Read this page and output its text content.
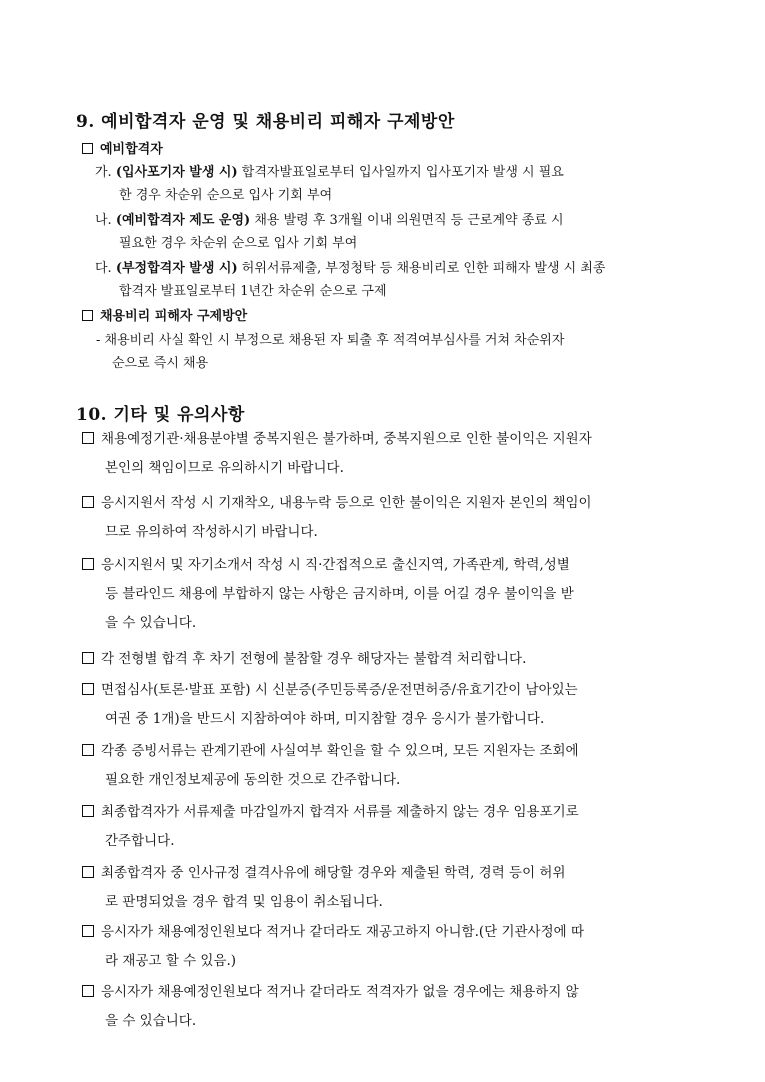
9. 예비합격자 운영 및 채용비리 피해자 구제방안
예비합격자
가. (입사포기자 발생 시) 합격자발표일로부터 입사일까지 입사포기자 발생 시 필요
한 경우 차순위 순으로 입사 기회 부여
나. (예비합격자 제도 운영) 채용 발령 후 3개월 이내 의원면직 등 근로계약 종료 시
필요한 경우 차순위 순으로 입사 기회 부여
다. (부정합격자 발생 시) 허위서류제출, 부정청탁 등 채용비리로 인한 피해자 발생 시 최종
합격자 발표일로부터 1년간 차순위 순으로 구제
채용비리 피해자 구제방안
- 채용비리 사실 확인 시 부정으로 채용된 자 퇴출 후 적격여부심사를 거쳐 차순위자
순으로 즉시 채용
10. 기타 및 유의사항
채용예정기관·채용분야별 중복지원은 불가하며, 중복지원으로 인한 불이익은 지원자
본인의 책임이므로 유의하시기 바랍니다.
응시지원서 작성 시 기재착오, 내용누락 등으로 인한 불이익은 지원자 본인의 책임이
므로 유의하여 작성하시기 바랍니다.
응시지원서 및 자기소개서 작성 시 직·간접적으로 출신지역, 가족관계, 학력,성별
등 블라인드 채용에 부합하지 않는 사항은 금지하며, 이를 어길 경우 불이익을 받
을 수 있습니다.
각 전형별 합격 후 차기 전형에 불참할 경우 해당자는 불합격 처리합니다.
면접심사(토론·발표 포함) 시 신분증(주민등록증/운전면허증/유효기간이 남아있는
여권 중 1개)을 반드시 지참하여야 하며, 미지참할 경우 응시가 불가합니다.
각종 증빙서류는 관계기관에 사실여부 확인을 할 수 있으며, 모든 지원자는 조회에
필요한 개인정보제공에 동의한 것으로 간주합니다.
최종합격자가 서류제출 마감일까지 합격자 서류를 제출하지 않는 경우 임용포기로
간주합니다.
최종합격자 중 인사규정 결격사유에 해당할 경우와 제출된 학력, 경력 등이 허위
로 판명되었을 경우 합격 및 임용이 취소됩니다.
응시자가 채용예정인원보다 적거나 같더라도 재공고하지 아니함.(단 기관사정에 따
라 재공고 할 수 있음.)
응시자가 채용예정인원보다 적거나 같더라도 적격자가 없을 경우에는 채용하지 않
을 수 있습니다.
